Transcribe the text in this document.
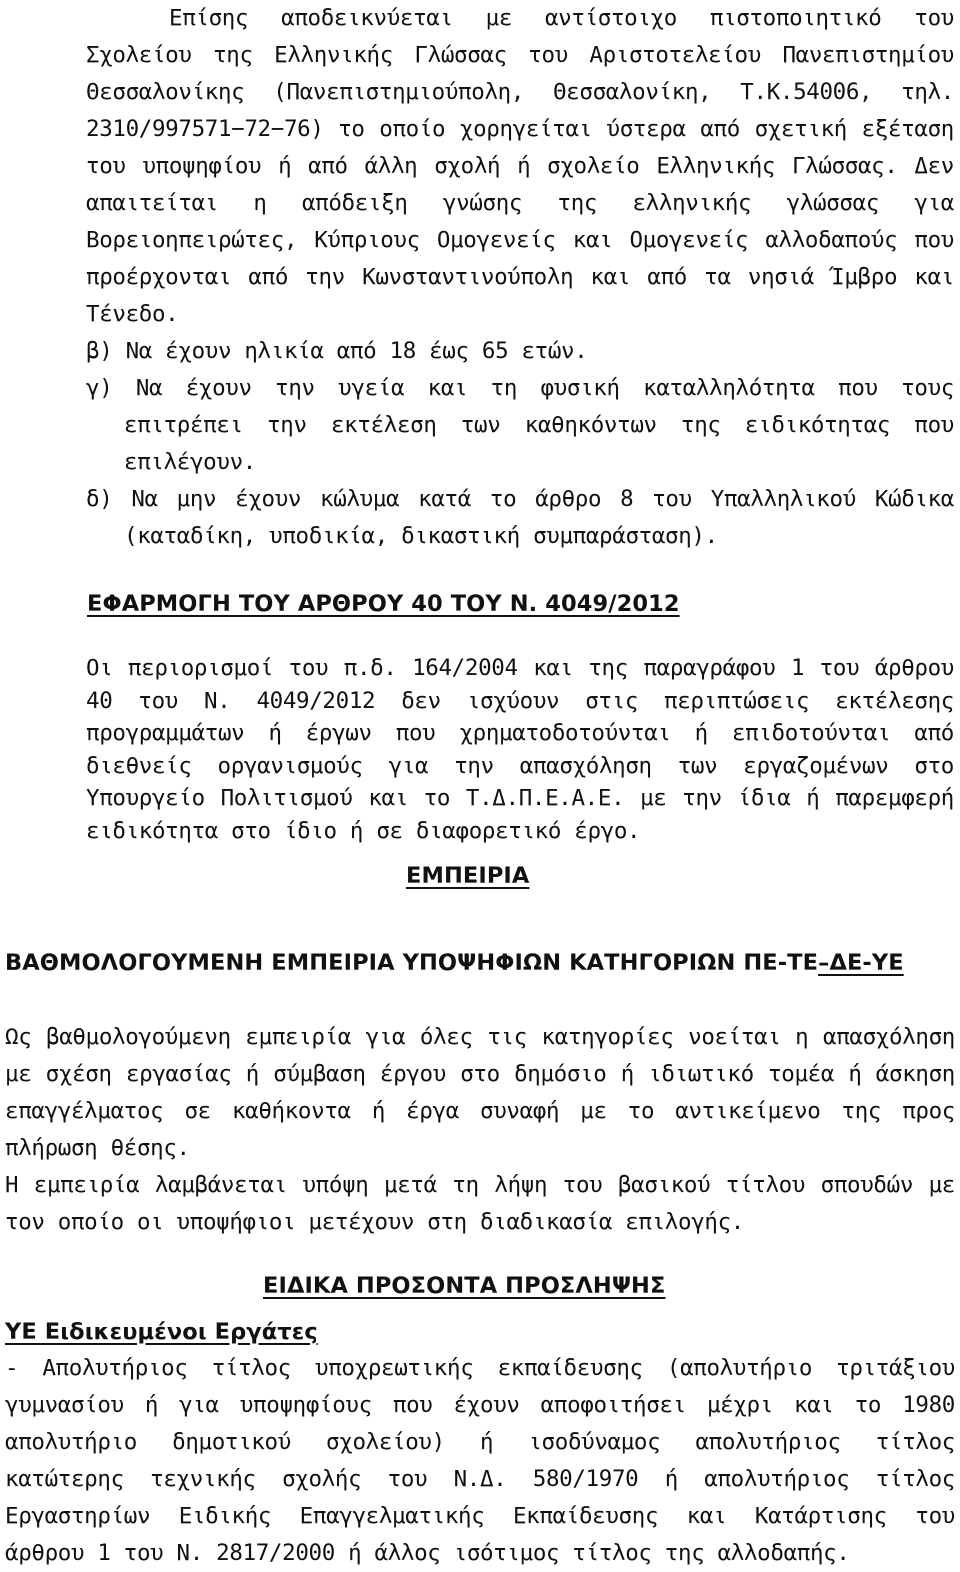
Επίσης αποδεικνύεται με αντίστοιχο πιστοποιητικό του Σχολείου της Ελληνικής Γλώσσας του Αριστοτελείου Πανεπιστημίου Θεσσαλονίκης (Πανεπιστημιούπολη, Θεσσαλονίκη, Τ.Κ.54006, τηλ. 2310/997571−72−76) το οποίο χορηγείται ύστερα από σχετική εξέταση του υποψηφίου ή από άλλη σχολή ή σχολείο Ελληνικής Γλώσσας. Δεν απαιτείται η απόδειξη γνώσης της ελληνικής γλώσσας για Βορειοηπειρώτες, Κύπριους Ομογενείς και Ομογενείς αλλοδαπούς που προέρχονται από την Κωνσταντινούπολη και από τα νησιά Ίμβρο και Τένεδο.

β) Να έχουν ηλικία από 18 έως 65 ετών.

γ) Να έχουν την υγεία και τη φυσική καταλληλότητα που τους επιτρέπει την εκτέλεση των καθηκόντων της ειδικότητας που επιλέγουν.

δ) Να μην έχουν κώλυμα κατά το άρθρο 8 του Υπαλληλικού Κώδικα (καταδίκη, υποδικία, δικαστική συμπαράσταση).

ΕΦΑΡΜΟΓΗ ΤΟΥ ΑΡΘΡΟΥ 40 ΤΟΥ Ν. 4049/2012

Οι περιορισμοί του π.δ. 164/2004 και της παραγράφου 1 του άρθρου 40 του Ν. 4049/2012 δεν ισχύουν στις περιπτώσεις εκτέλεσης προγραμμάτων ή έργων που χρηματοδοτούνται ή επιδοτούνται από διεθνείς οργανισμούς για την απασχόληση των εργαζομένων στο Υπουργείο Πολιτισμού και το Τ.Δ.Π.Ε.Α.Ε. με την ίδια ή παρεμφερή ειδικότητα στο ίδιο ή σε διαφορετικό έργο.

ΕΜΠΕΙΡΙΑ
ΒΑΘΜΟΛΟΓΟΥΜΕΝΗ ΕΜΠΕΙΡΙΑ ΥΠΟΨΗΦΙΩΝ ΚΑΤΗΓΟΡΙΩΝ ΠΕ-ΤΕ–ΔΕ-ΥΕ

Ως βαθμολογούμενη εμπειρία για όλες τις κατηγορίες νοείται η απασχόληση με σχέση εργασίας ή σύμβαση έργου στο δημόσιο ή ιδιωτικό τομέα ή άσκηση επαγγέλματος σε καθήκοντα ή έργα συναφή με το αντικείμενο της προς πλήρωση θέσης.

Η εμπειρία λαμβάνεται υπόψη μετά τη λήψη του βασικού τίτλου σπουδών με τον οποίο οι υποψήφιοι μετέχουν στη διαδικασία επιλογής.

ΕΙΔΙΚΑ ΠΡΟΣΟΝΤΑ ΠΡΟΣΛΗΨΗΣ
ΥΕ Ειδικευμένοι Εργάτες

- Απολυτήριος τίτλος υποχρεωτικής εκπαίδευσης (απολυτήριο τριτάξιου γυμνασίου ή για υποψηφίους που έχουν αποφοιτήσει μέχρι και το 1980 απολυτήριο δημοτικού σχολείου) ή ισοδύναμος απολυτήριος τίτλος κατώτερης τεχνικής σχολής του Ν.Δ. 580/1970 ή απολυτήριος τίτλος Εργαστηρίων Ειδικής Επαγγελματικής Εκπαίδευσης και Κατάρτισης του άρθρου 1 του Ν. 2817/2000 ή άλλος ισότιμος τίτλος της αλλοδαπής.
